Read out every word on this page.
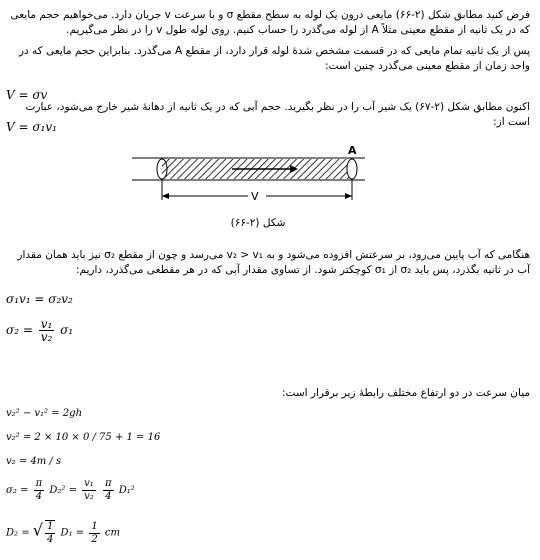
فرض کنید مطابق شکل (۲-۶۶) مایعی درون یک لوله به سطح مقطع σ و با سرعت v جریان دارد. می‌خواهیم حجم مایعی که در یک ثانیه از مقطع معینی مثلاً A از لوله می‌گذرد را حساب کنیم. روی لوله طول v را در نظر می‌گیریم.
پس از یک ثانیه تمام مایعی که در قسمت مشخص شدهٔ لوله قرار دارد، از مقطع A می‌گذرد. بنابراین حجم مایعی که در واحد زمان از مقطع معینی می‌گذرد چنین است:
V = σv
اکنون مطابق شکل (۲-۶۷) یک شیر آب را در نظر بگیرید. حجم آبی که در یک ثانیه از دهانهٔ شیر خارج می‌شود، عبارت است از:
V = σ₁v₁
A
V
شکل (۲-۶۶)
هنگامی که آب پایین می‌رود، بر سرعتش افزوده می‌شود و به v₂ > v₁ می‌رسد و چون از مقطع σ₂ نیز باید همان مقدار آب در ثانیه بگذرد، پس باید σ₂ از σ₁ کوچکتر شود. از تساوی مقدار آبی که در هر مقطعی می‌گذرد، داریم:
σ₁v₁ = σ₂v₂
$\sigma_2 = \frac{\text{v₁}}{\text{v₂}} \sigma_1$
میان سرعت در دو ارتفاع مختلف رابطهٔ زیر برقرار است:
v₂² − v₁² = 2gh
v₂² = 2 × 10 × 0 / 75 + 1 = 16
v₂ = 4m / s
$\sigma_2 = \frac{\pi}{4} D_2^2 = \frac{\text{v₁}}{\text{v₂}}$
$\frac{\pi}{4} D_1^2$
D₂ = √ $\frac{1}{4} D_1 = \frac{1}{2}$ cm
